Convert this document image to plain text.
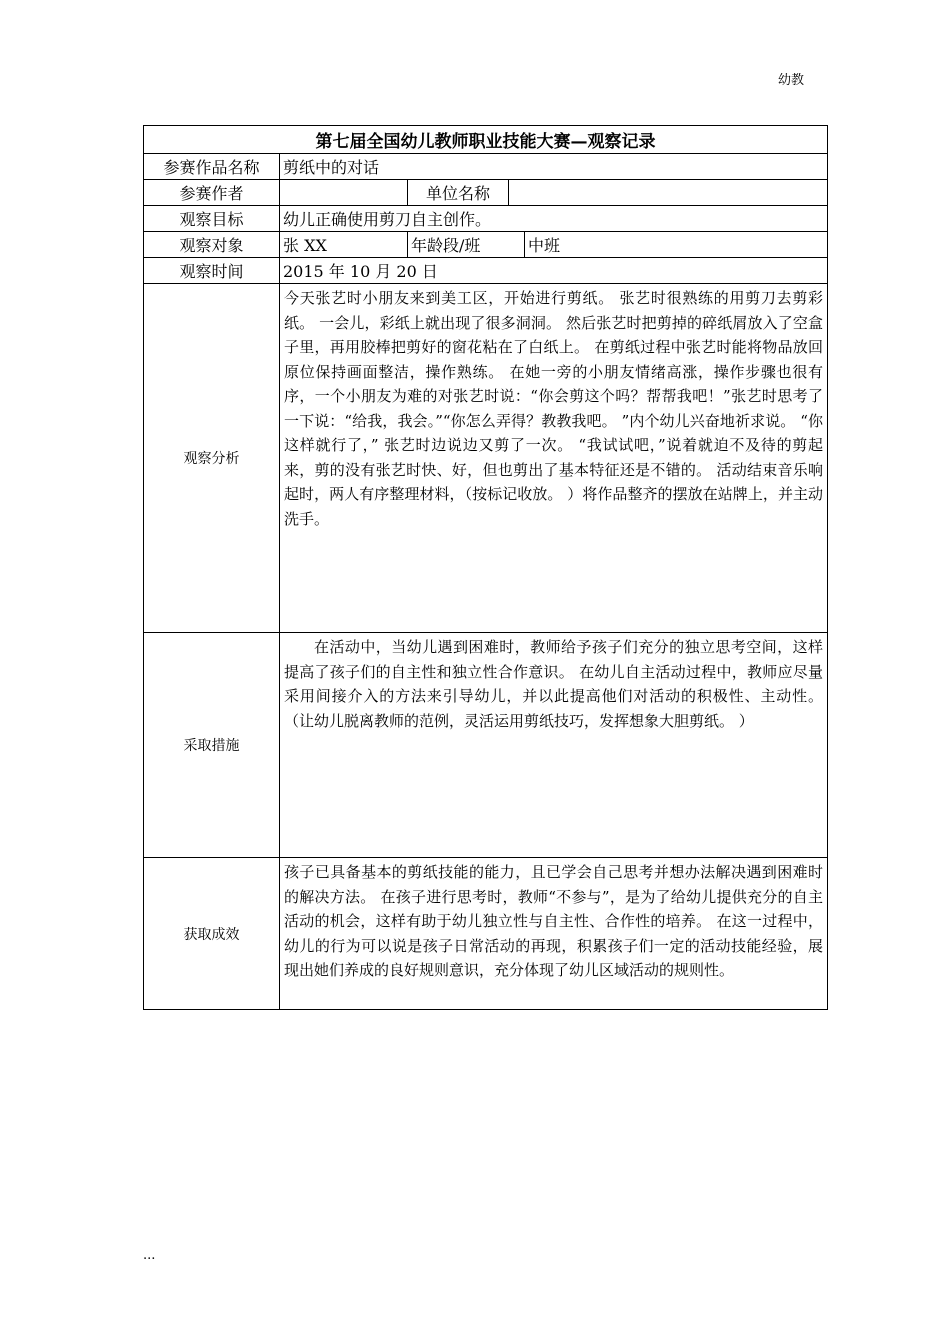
幼教
第七届全国幼儿教师职业技能大赛—观察记录				
参赛作品名称	剪纸中的对话			
参赛作者		单位名称		
观察目标	幼儿正确使用剪刀自主创作。			
观察对象	张 XX	年龄段/班		中班
观察时间	2015 年 10 月 20 日			
观察分析	今天张艺时小朋友来到美工区，开始进行剪纸。 张艺时很熟练的用剪刀去剪彩纸。 一会儿，彩纸上就出现了很多洞洞。 然后张艺时把剪掉的碎纸屑放入了空盒子里，再用胶棒把剪好的窗花粘在了白纸上。 在剪纸过程中张艺时能将物品放回原位保持画面整洁，操作熟练。 在她一旁的小朋友情绪高涨，操作步骤也很有序，一个小朋友为难的对张艺时说：“你会剪这个吗？帮帮我吧！”张艺时思考了一下说：“给我，我会。”“你怎么弄得？教教我吧。 ”内个幼儿兴奋地祈求说。 “你这样就行了，” 张艺时边说边又剪了一次。 “我试试吧，”说着就迫不及待的剪起来，剪的没有张艺时快、好，但也剪出了基本特征还是不错的。 活动结束音乐响起时，两人有序整理材料，（按标记收放。 ）将作品整齐的摆放在站牌上，并主动洗手。			

采取措施	在活动中，当幼儿遇到困难时，教师给予孩子们充分的独立思考空间，这样提高了孩子们的自主性和独立性合作意识。 在幼儿自主活动过程中，教师应尽量采用间接介入的方法来引导幼儿，并以此提高他们对活动的积极性、主动性。 （让幼儿脱离教师的范例，灵活运用剪纸技巧，发挥想象大胆剪纸。 ）			

获取成效	孩子已具备基本的剪纸技能的能力，且已学会自己思考并想办法解决遇到困难时的解决方法。 在孩子进行思考时，教师“不参与”，是为了给幼儿提供充分的自主活动的机会，这样有助于幼儿独立性与自主性、合作性的培养。 在这一过程中，幼儿的行为可以说是孩子日常活动的再现，积累孩子们一定的活动技能经验，展现出她们养成的良好规则意识，充分体现了幼儿区域活动的规则性。			

...
